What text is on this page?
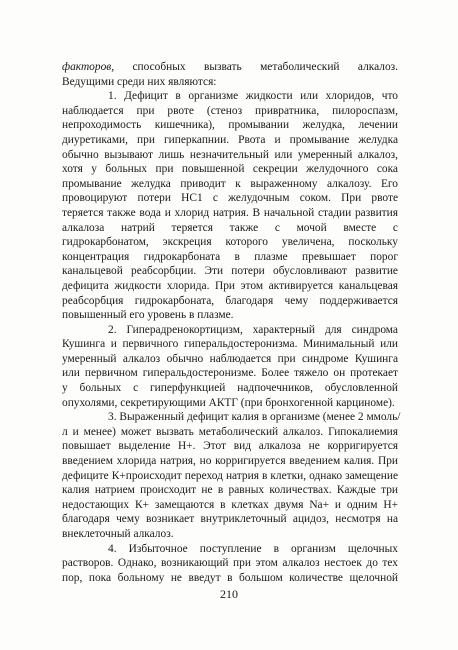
факторов, способных вызвать метаболический алкалоз.
Ведущими среди них являются:
1. Дефицит в организме жидкости или хлоридов, что
наблюдается при рвоте (стеноз привратника, пилороспазм,
непроходимость кишечника), промывании желудка, лечении
диуретиками, при гиперкапнии. Рвота и промывание желудка
обычно вызывают лишь незначительный или умеренный алкалоз,
хотя у больных при повышенной секреции желудочного сока
промывание желудка приводит к выраженному алкалозу. Его
провоцируют потери НС1 с желудочным соком. При рвоте
теряется также вода и хлорид натрия. В начальной стадии развития
алкалоза натрий теряется также с мочой вместе с
гидрокарбонатом, экскреция которого увеличена, поскольку
концентрация гидрокарбоната в плазме превышает порог
канальцевой реабсорбции. Эти потери обусловливают развитие
дефицита жидкости хлорида. При этом активируется канальцевая
реабсорбция гидрокарбоната, благодаря чему поддерживается
повышенный его уровень в плазме.
2. Гиперадренокортицизм, характерный для синдрома
Кушинга и первичного гиперальдостеронизма. Минимальный или
умеренный алкалоз обычно наблюдается при синдроме Кушинга
или первичном гиперальдостеронизме. Более тяжело он протекает
у больных с гиперфункцией надпочечников, обусловленной
опухолями, секретирующими АКТГ (при бронхогенной карциноме).
3. Выраженный дефицит калия в организме (менее 2 ммоль/
л и менее) может вызвать метаболический алкалоз. Гипокалиемия
повышает выделение Н+. Этот вид алкалоза не корригируется
введением хлорида натрия, но корригируется введением калия. При
дефиците К+происходит переход натрия в клетки, однако замещение
калия натрием происходит не в равных количествах. Каждые три
недостающих К+ замещаются в клетках двумя Na+ и одним Н+
благодаря чему возникает внутриклеточный ацидоз, несмотря на
внеклеточный алкалоз.
4. Избыточное поступление в организм щелочных
растворов. Однако, возникающий при этом алкалоз нестоек до тех
пор, пока больному не введут в большом количестве щелочной
210
